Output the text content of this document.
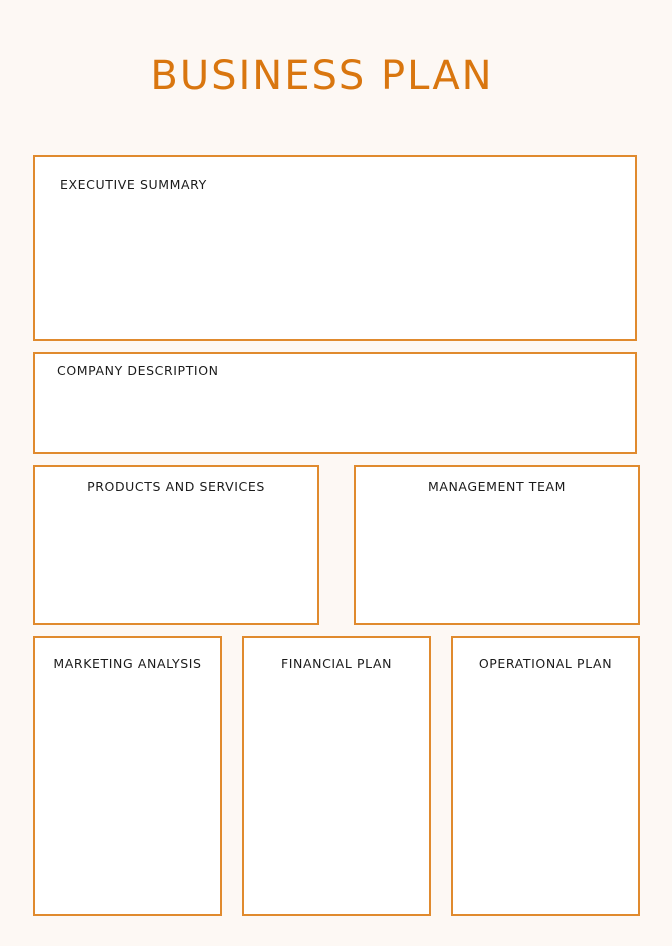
BUSINESS PLAN
EXECUTIVE SUMMARY
COMPANY DESCRIPTION
PRODUCTS AND SERVICES	MANAGEMENT TEAM
MARKETING ANALYSIS	FINANCIAL PLAN	OPERATIONAL PLAN
